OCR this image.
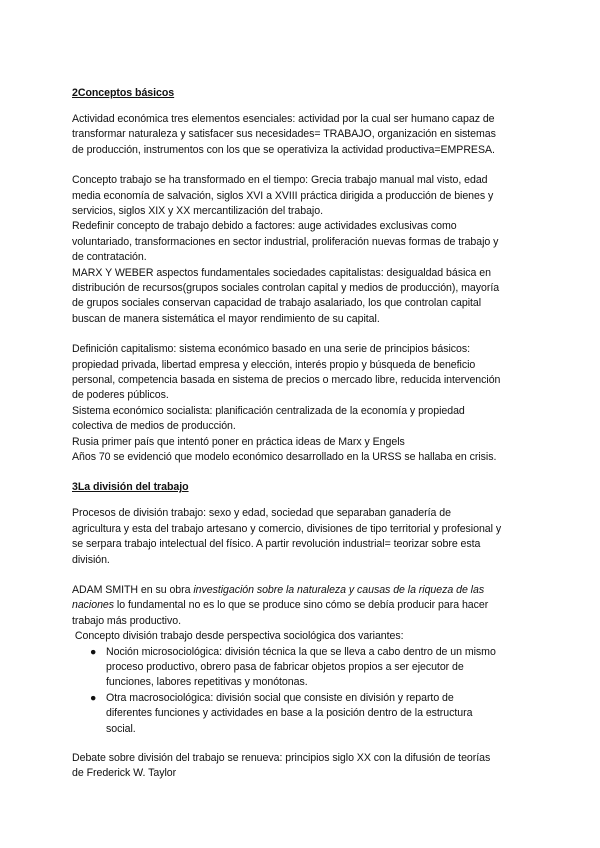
2Conceptos básicos

Actividad económica tres elementos esenciales: actividad por la cual ser humano capaz de
transformar naturaleza y satisfacer sus necesidades= TRABAJO, organización en sistemas
de producción, instrumentos con los que se operativiza la actividad productiva=EMPRESA.

Concepto trabajo se ha transformado en el tiempo: Grecia trabajo manual mal visto, edad
media economía de salvación, siglos XVI a XVIII práctica dirigida a producción de bienes y
servicios, siglos XIX y XX mercantilización del trabajo.
Redefinir concepto de trabajo debido a factores: auge actividades exclusivas como
voluntariado, transformaciones en sector industrial, proliferación nuevas formas de trabajo y
de contratación.
MARX Y WEBER aspectos fundamentales sociedades capitalistas: desigualdad básica en
distribución de recursos(grupos sociales controlan capital y medios de producción), mayoría
de grupos sociales conservan capacidad de trabajo asalariado, los que controlan capital
buscan de manera sistemática el mayor rendimiento de su capital.

Definición capitalismo: sistema económico basado en una serie de principios básicos:
propiedad privada, libertad empresa y elección, interés propio y búsqueda de beneficio
personal, competencia basada en sistema de precios o mercado libre, reducida intervención
de poderes públicos.
Sistema económico socialista: planificación centralizada de la economía y propiedad
colectiva de medios de producción.
Rusia primer país que intentó poner en práctica ideas de Marx y Engels
Años 70 se evidenció que modelo económico desarrollado en la URSS se hallaba en crisis.

3La división del trabajo

Procesos de división trabajo: sexo y edad, sociedad que separaban ganadería de
agricultura y esta del trabajo artesano y comercio, divisiones de tipo territorial y profesional y
se serpara trabajo intelectual del físico. A partir revolución industrial= teorizar sobre esta
división.

ADAM SMITH en su obra investigación sobre la naturaleza y causas de la riqueza de las
naciones lo fundamental no es lo que se produce sino cómo se debía producir para hacer
trabajo más productivo.
Concepto división trabajo desde perspectiva sociológica dos variantes:

● Noción microsociológica: división técnica la que se lleva a cabo dentro de un mismo
proceso productivo, obrero pasa de fabricar objetos propios a ser ejecutor de
funciones, labores repetitivas y monótonas.
● Otra macrosociológica: división social que consiste en división y reparto de
diferentes funciones y actividades en base a la posición dentro de la estructura
social.

Debate sobre división del trabajo se renueva: principios siglo XX con la difusión de teorías
de Frederick W. Taylor
